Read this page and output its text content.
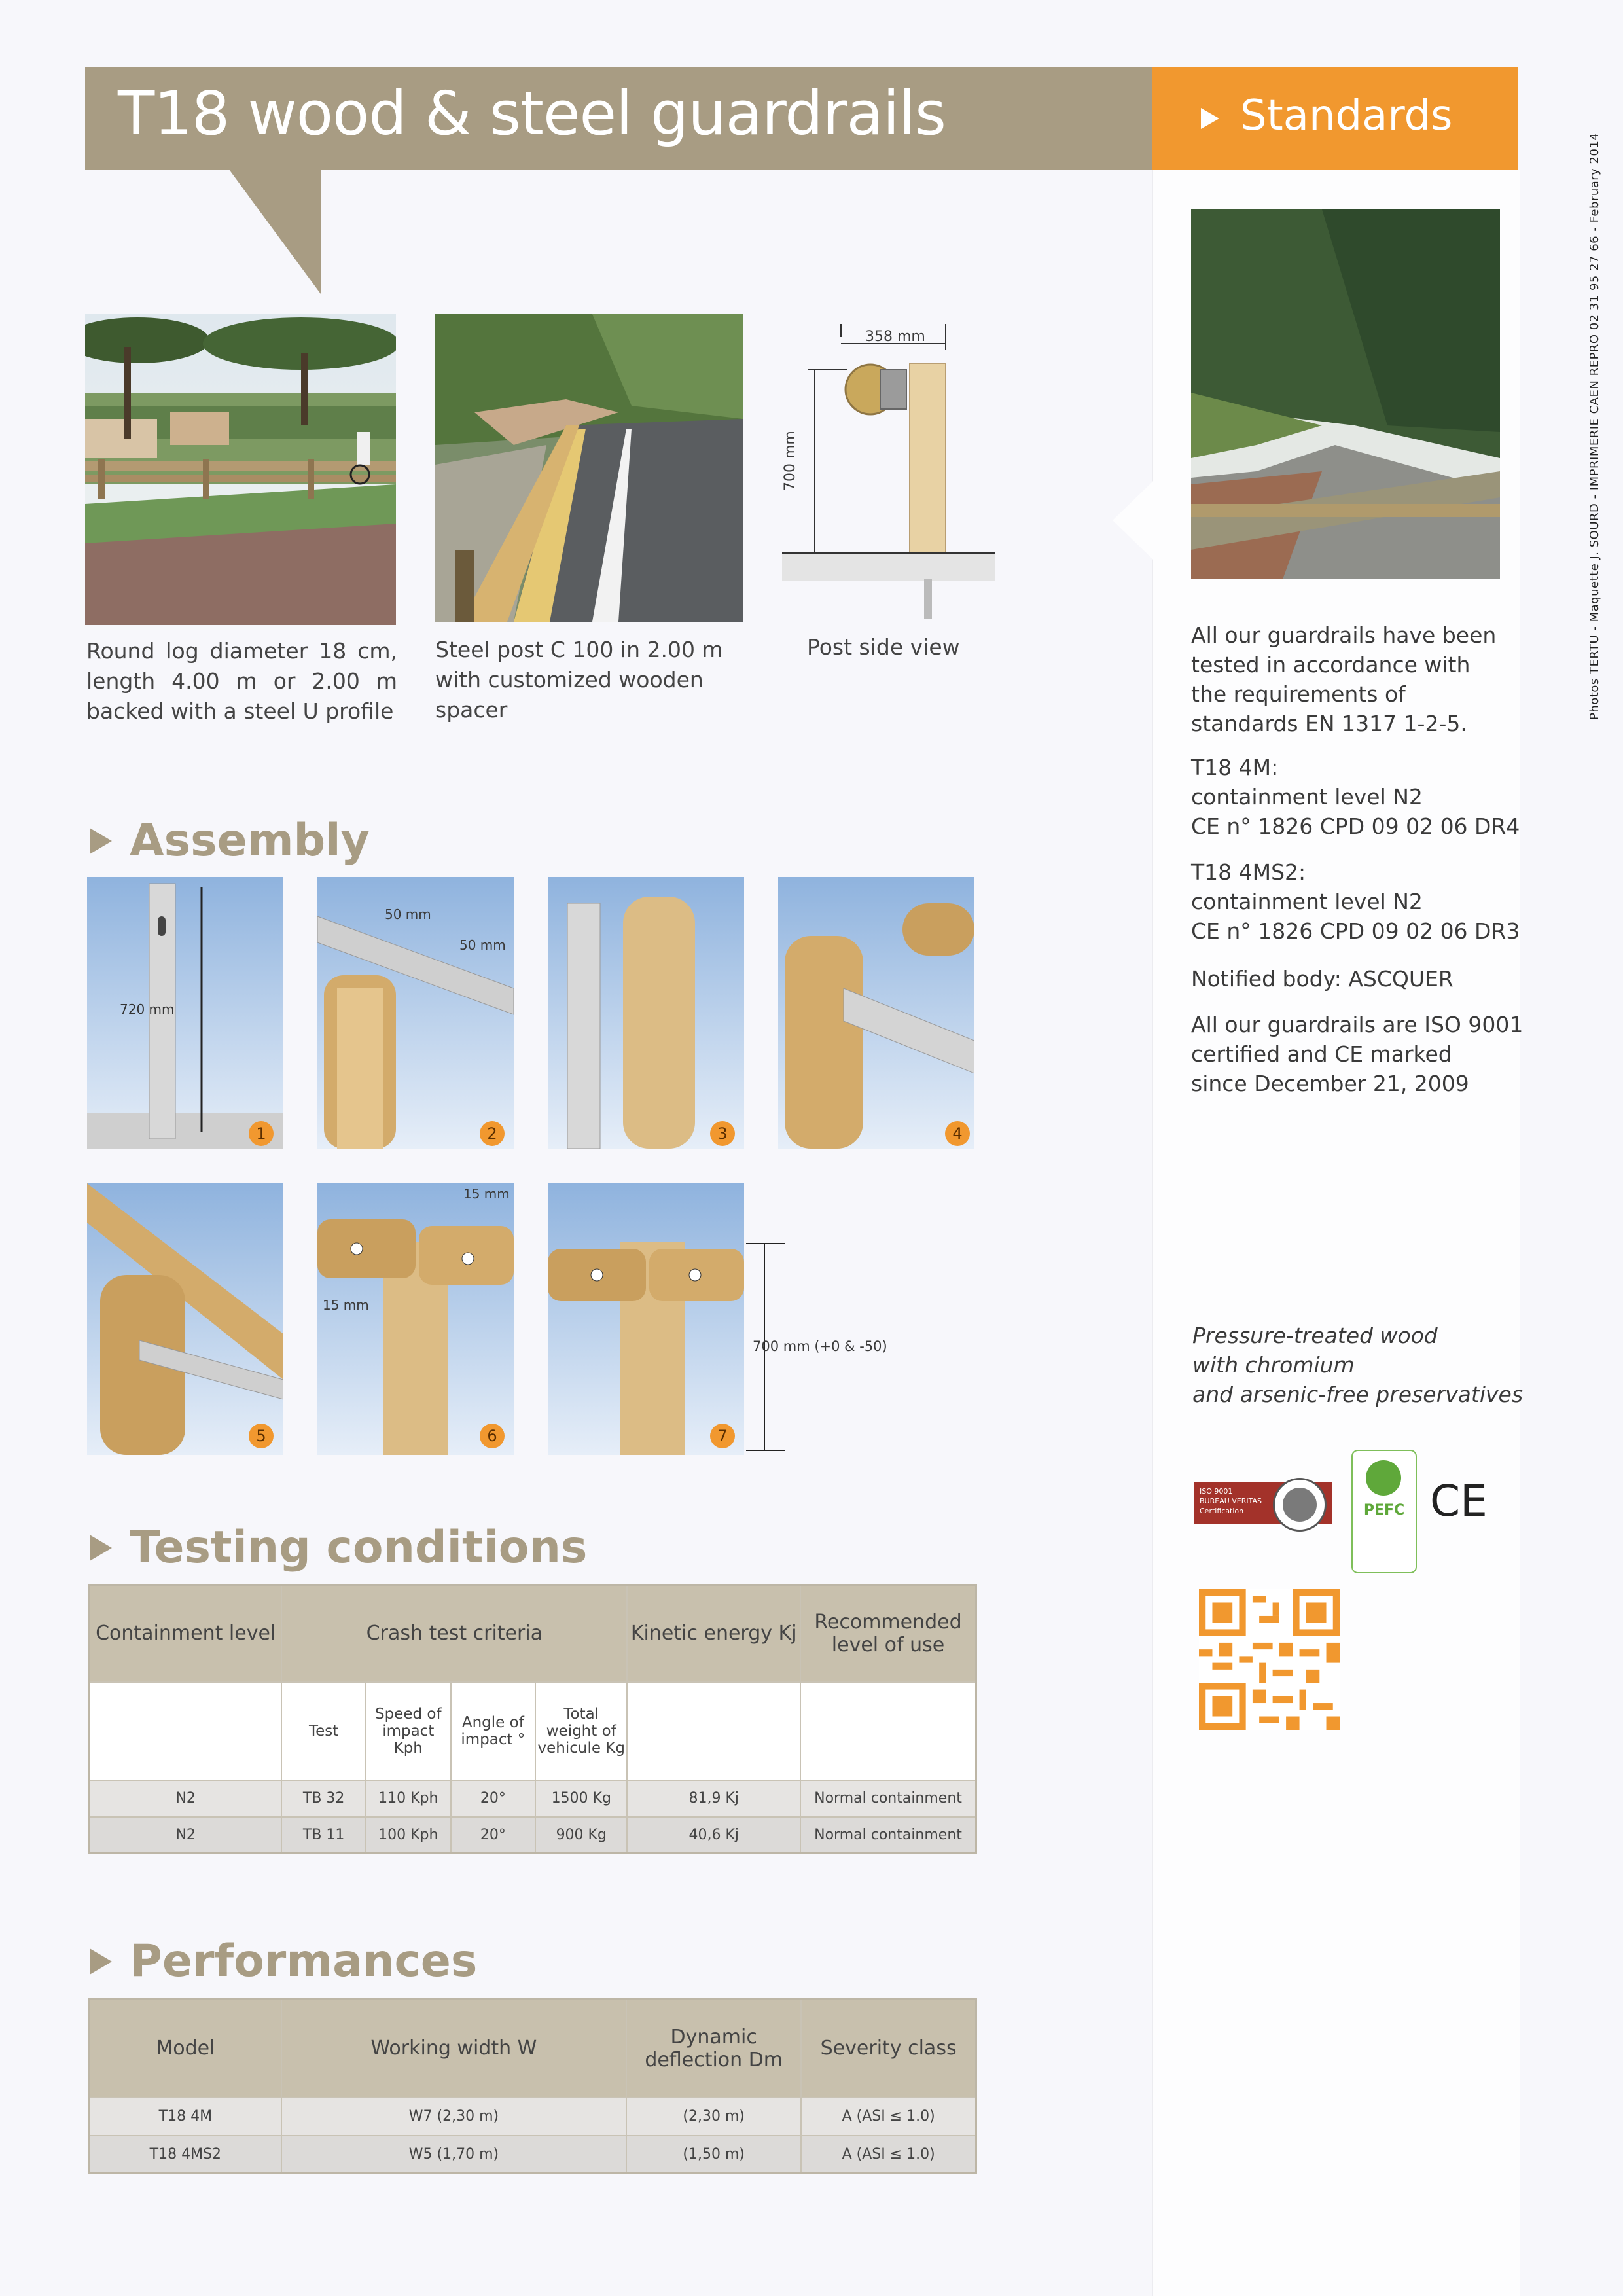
T18 wood & steel guardrails	Standards
Round log diameter 18 cm, length 4.00 m or 2.00 m backed with a steel U profile
Steel post C 100 in 2.00 m with customized wooden spacer
358 mm
700 mm
Post side view
Assembly
720 mm
1
50 mm
50 mm
2	3	4
5
15 mm
15 mm
6	7
700 mm (+0 & -50)
Testing conditions
Containment level	Crash test criteria				Kinetic energy Kj	Recommended level of use
	Test	Speed of impact Kph	Angle of impact °	Total weight of vehicule Kg		
N2	TB 32	110 Kph	20°	1500 Kg	81,9 Kj	Normal containment
N2	TB 11	100 Kph	20°	900 Kg	40,6 Kj	Normal containment
Performances
Model	Working width W	Dynamic deflection Dm	Severity class
T18 4M	W7 (2,30 m)	(2,30 m)	A (ASI ≤ 1.0)
T18 4MS2	W5 (1,70 m)	(1,50 m)	A (ASI ≤ 1.0)
All our guardrails have been tested in accordance with the requirements of standards EN 1317 1-2-5.
T18 4M:
containment level N2
CE n° 1826 CPD 09 02 06 DR4
T18 4MS2:
containment level N2
CE n° 1826 CPD 09 02 06 DR3
Notified body: ASCQUER
All our guardrails are ISO 9001
certified and CE marked
since December 21, 2009
Pressure-treated wood
with chromium
and arsenic-free preservatives
ISO 9001
BUREAU VERITAS
Certification	PEFC CE
Photos TERTU - Maquette J. SOURD - IMPRIMERIE CAEN REPRO 02 31 95 27 66 - February 2014
